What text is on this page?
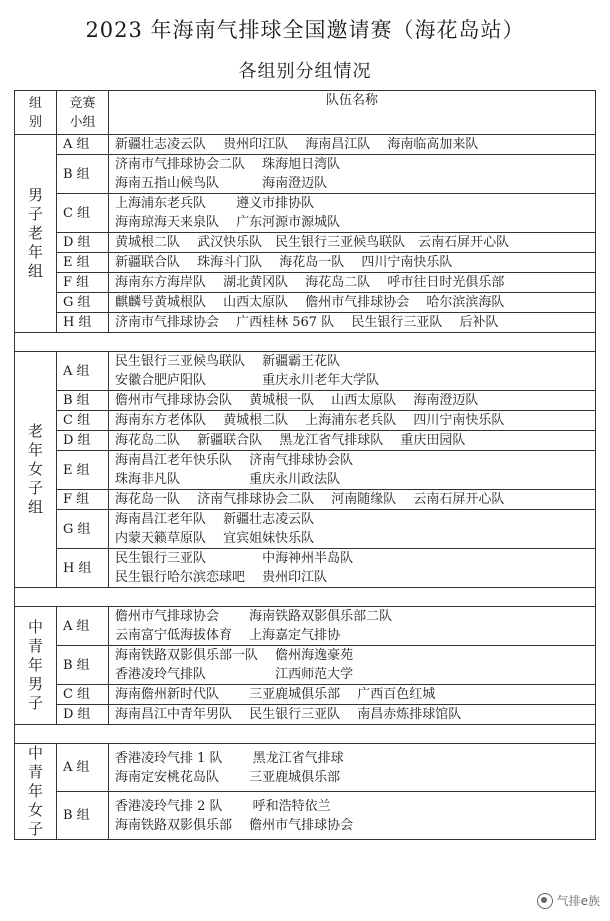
2023 年海南气排球全国邀请赛（海花岛站）
各组别分组情况
组
别	竞赛
小组	队伍名称
男
子
老
年
组	A 组	新疆壮志凌云队　 贵州印江队　 海南昌江队　 海南临高加来队

	B 组	济南市气排球协会二队　 珠海旭日湾队
海南五指山候鸟队　　　 海南澄迈队

	C 组	上海浦东老兵队　　 遵义市排协队
海南琼海天来泉队　 广东河源市源城队

	D 组	黄城根二队　 武汉快乐队　民生银行三亚候鸟联队　云南石屏开心队

	E 组	新疆联合队　 珠海斗门队　 海花岛一队　 四川宁南快乐队

	F 组	海南东方海岸队　 湖北黄冈队　 海花岛二队　 呼市往日时光俱乐部

	G 组	麒麟号黄城根队　 山西太原队　 儋州市气排球协会　 哈尔滨滨海队

	H 组	济南市气排球协会　 广西桂林 567 队　 民生银行三亚队　 后补队

老
年
女
子
组	A 组	民生银行三亚候鸟联队　 新疆霸王花队
安徽合肥庐阳队　　　　 重庆永川老年大学队

	B 组	儋州市气排球协会队　 黄城根一队　 山西太原队　 海南澄迈队

	C 组	海南东方老体队　 黄城根二队　 上海浦东老兵队　 四川宁南快乐队

	D 组	海花岛二队　 新疆联合队　 黑龙江省气排球队　 重庆田园队

	E 组	海南昌江老年快乐队　 济南气排球协会队
珠海非凡队　　　　　 重庆永川政法队

	F 组	海花岛一队　 济南气排球协会二队　 河南随缘队　 云南石屏开心队

	G 组	海南昌江老年队　 新疆壮志凌云队
内蒙天籁草原队　 宜宾姐妹快乐队

	H 组	民生银行三亚队　　　　 中海神州半岛队
民生银行哈尔滨恋球吧　 贵州印江队

中
青
年
男
子	A 组	儋州市气排球协会　　 海南铁路双影俱乐部二队
云南富宁低海拔体育　 上海嘉定气排协

	B 组	海南铁路双影俱乐部一队　 儋州海逸豪苑
香港凌玲气排队　　　　　 江西师范大学

	C 组	海南儋州新时代队　　 三亚鹿城俱乐部　 广西百色红城

	D 组	海南昌江中青年男队　 民生银行三亚队　 南昌赤炼排球馆队

中
青
年
女
子	A 组	香港凌玲气排 1 队　　 黑龙江省气排球
海南定安桃花岛队　　 三亚鹿城俱乐部

	B 组	香港凌玲气排 2 队　　 呼和浩特依兰
海南铁路双影俱乐部　 儋州市气排球协会
气排e族
